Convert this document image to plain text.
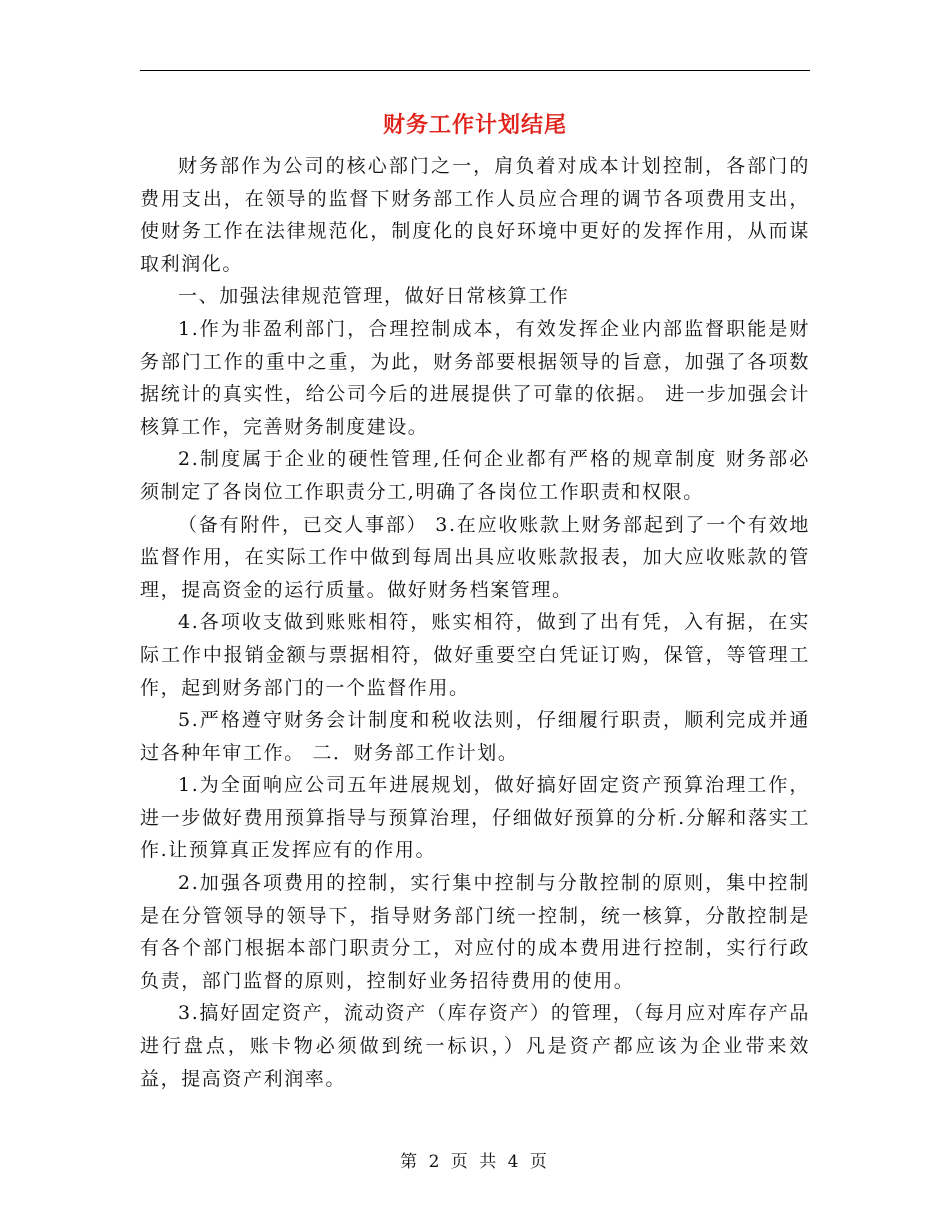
财务工作计划结尾

财务部作为公司的核心部门之一，肩负着对成本计划控制，各部门的费用支出，在领导的监督下财务部工作人员应合理的调节各项费用支出，使财务工作在法律规范化，制度化的良好环境中更好的发挥作用，从而谋取利润化。

一、加强法律规范管理，做好日常核算工作

1.作为非盈利部门，合理控制成本，有效发挥企业内部监督职能是财务部门工作的重中之重，为此，财务部要根据领导的旨意，加强了各项数据统计的真实性，给公司今后的进展提供了可靠的依据。 进一步加强会计核算工作，完善财务制度建设。

2.制度属于企业的硬性管理,任何企业都有严格的规章制度 财务部必须制定了各岗位工作职责分工,明确了各岗位工作职责和权限。

（备有附件，已交人事部） 3.在应收账款上财务部起到了一个有效地监督作用，在实际工作中做到每周出具应收账款报表，加大应收账款的管理，提高资金的运行质量。做好财务档案管理。

4.各项收支做到账账相符，账实相符，做到了出有凭，入有据，在实际工作中报销金额与票据相符，做好重要空白凭证订购，保管，等管理工作，起到财务部门的一个监督作用。

5.严格遵守财务会计制度和税收法则，仔细履行职责，顺利完成并通过各种年审工作。 二．财务部工作计划。

1.为全面响应公司五年进展规划，做好搞好固定资产预算治理工作，进一步做好费用预算指导与预算治理，仔细做好预算的分析.分解和落实工作.让预算真正发挥应有的作用。

2.加强各项费用的控制，实行集中控制与分散控制的原则，集中控制是在分管领导的领导下，指导财务部门统一控制，统一核算，分散控制是有各个部门根据本部门职责分工，对应付的成本费用进行控制，实行行政负责，部门监督的原则，控制好业务招待费用的使用。

3.搞好固定资产，流动资产（库存资产）的管理，（每月应对库存产品进行盘点，账卡物必须做到统一标识，）凡是资产都应该为企业带来效益，提高资产利润率。

第 2 页 共 4 页
